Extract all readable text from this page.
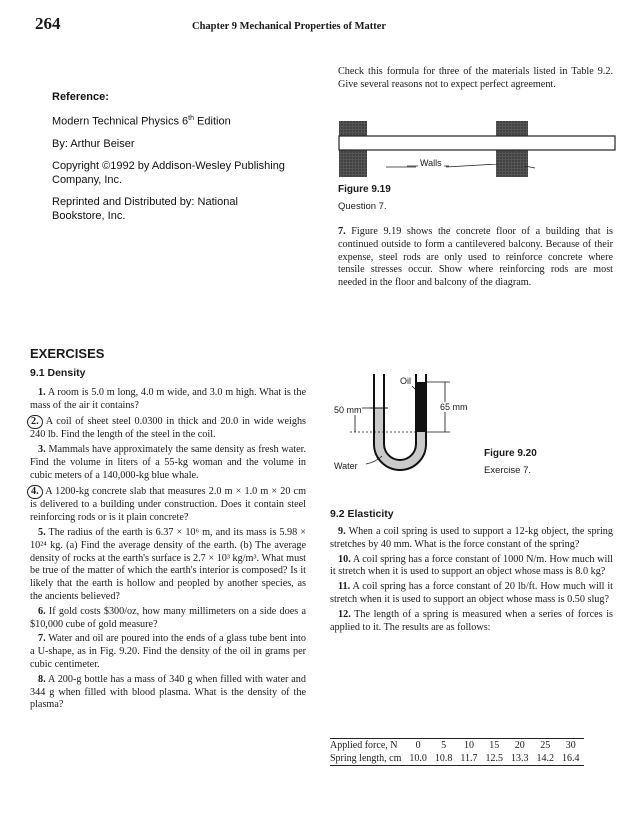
264	Chapter 9 Mechanical Properties of Matter

Reference:

Modern Technical Physics 6th Edition

By: Arthur Beiser

Copyright ©1992 by Addison-Wesley Publishing Company, Inc.

Reprinted and Distributed by: National Bookstore, Inc.

Check this formula for three of the materials listed in Table 9.2. Give several reasons not to expect perfect agreement.
Walls
Figure 9.19
Question 7.
7. Figure 9.19 shows the concrete floor of a building that is continued outside to form a cantilevered balcony. Because of their expense, steel rods are only used to reinforce concrete where tensile stresses occur. Show where reinforcing rods are most needed in the floor and balcony of the diagram.
EXERCISES
9.1 Density
1. A room is 5.0 m long, 4.0 m wide, and 3.0 m high. What is the mass of the air it contains?
2. A coil of sheet steel 0.0300 in thick and 20.0 in wide weighs 240 lb. Find the length of the steel in the coil.
3. Mammals have approximately the same density as fresh water. Find the volume in liters of a 55-kg woman and the volume in cubic meters of a 140,000-kg blue whale.
4. A 1200-kg concrete slab that measures 2.0 m × 1.0 m × 20 cm is delivered to a building under construction. Does it contain steel reinforcing rods or is it plain concrete?
5. The radius of the earth is 6.37 × 10⁶ m, and its mass is 5.98 × 10²⁴ kg. (a) Find the average density of the earth. (b) The average density of rocks at the earth's surface is 2.7 × 10³ kg/m³. What must be true of the matter of which the earth's interior is composed? Is it likely that the earth is hollow and peopled by another species, as the ancients believed?
6. If gold costs $300/oz, how many millimeters on a side does a $10,000 cube of gold measure?
7. Water and oil are poured into the ends of a glass tube bent into a U-shape, as in Fig. 9.20. Find the density of the oil in grams per cubic centimeter.
8. A 200-g bottle has a mass of 340 g when filled with water and 344 g when filled with blood plasma. What is the density of the plasma?
Oil
50 mm	65 mm
Water
Figure 9.20
Exercise 7.
9.2 Elasticity
9. When a coil spring is used to support a 12-kg object, the spring stretches by 40 mm. What is the force constant of the spring?
10. A coil spring has a force constant of 1000 N/m. How much will it stretch when it is used to support an object whose mass is 8.0 kg?
11. A coil spring has a force constant of 20 lb/ft. How much will it stretch when it is used to support an object whose mass is 0.50 slug?
12. The length of a spring is measured when a series of forces is applied to it. The results are as follows:
Applied force, N	0	5	10	15	20	25	30
Spring length, cm	10.0	10.8	11.7	12.5	13.3	14.2	16.4
